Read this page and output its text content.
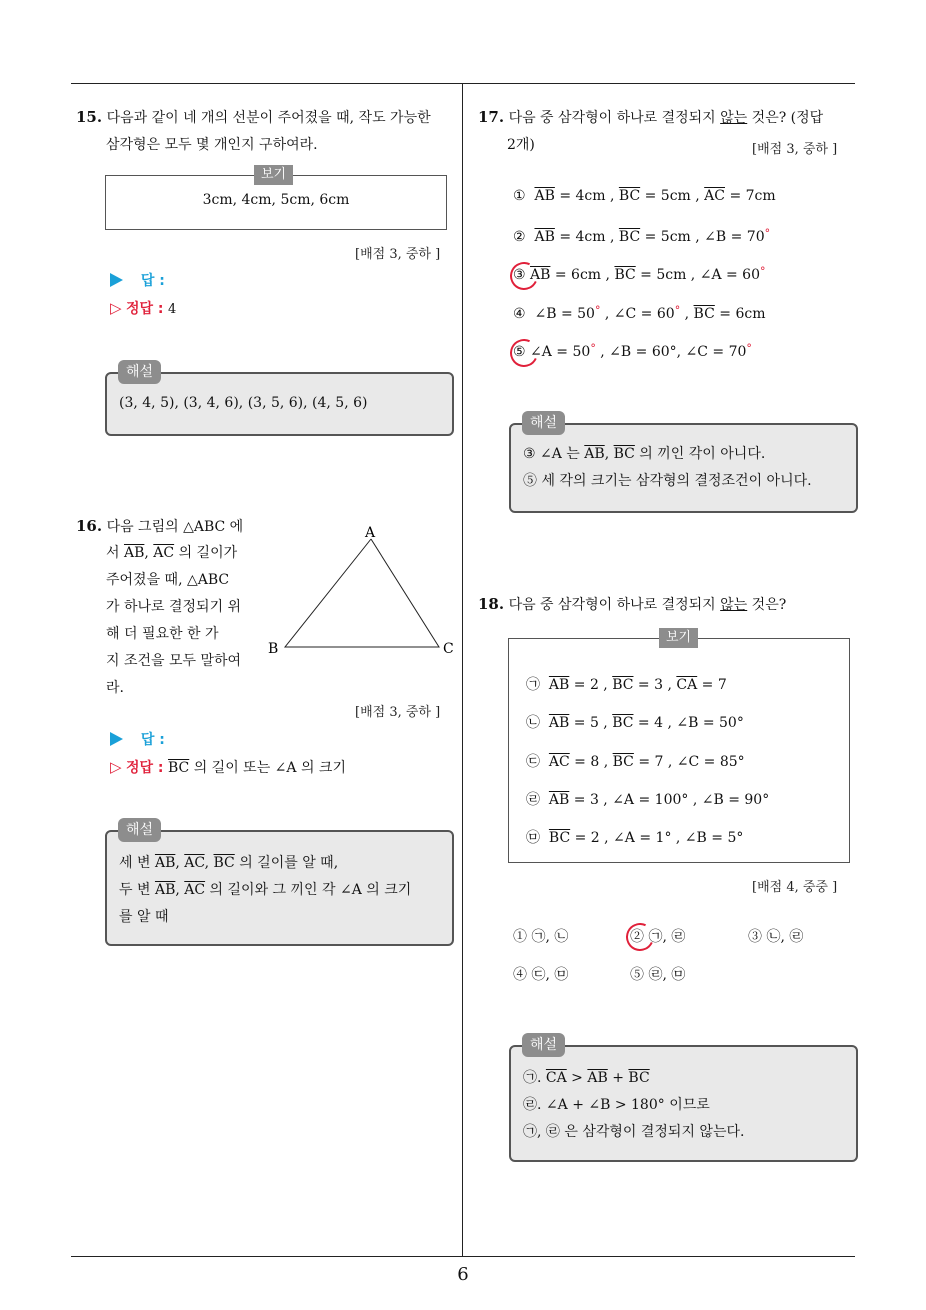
6
15. 다음과 같이 네 개의 선분이 주어졌을 때, 작도 가능한
삼각형은 모두 몇 개인지 구하여라.
3cm, 4cm, 5cm, 6cm
보기
[배점 3, 중하 ]
답 :
▷ 정답 : 4
(3, 4, 5), (3, 4, 6), (3, 5, 6), (4, 5, 6)
해설
16. 다음 그림의 △ABC 에
서 $\overline{AB}$, $\overline{AC}$ 의 길이가
주어졌을 때, △ABC
가 하나로 결정되기 위
해 더 필요한 한 가
지 조건을 모두 말하여
라.
A
B	C
[배점 3, 중하 ]
답 :
▷ 정답 : $\overline{BC}$ 의 길이 또는 ∠A 의 크기
세 변 $\overline{AB}$, $\overline{AC}$, $\overline{BC}$ 의 길이를 알 때,
두 변 $\overline{AB}$, $\overline{AC}$ 의 길이와 그 끼인 각 ∠A 의 크기
를 알 때
해설
17. 다음 중 삼각형이 하나로 결정되지 않는 것은? (정답
2개)	[배점 3, 중하 ]
① $\overline{AB} = 4cm$ , $\overline{BC} = 5cm$ , $\overline{AC} = 7cm$
② $\overline{AB} = 4cm$ , $\overline{BC} = 5cm$ , ∠B = 70°
③ $\overline{AB} = 6cm$ , $\overline{BC} = 5cm$ , ∠A = 60°
④ ∠B = 50° , ∠C = 60° , $\overline{BC} = 6cm$
⑤ ∠A = 50° , ∠B = 60°, ∠C = 70°
③ ∠A 는 $\overline{AB}$, $\overline{BC}$ 의 끼인 각이 아니다.
⑤ 세 각의 크기는 삼각형의 결정조건이 아니다.
해설
18. 다음 중 삼각형이 하나로 결정되지 않는 것은?
㉠ $\overline{AB} = 2$ , $\overline{BC} = 3$ , $\overline{CA} = 7$
㉡ $\overline{AB} = 5$ , $\overline{BC} = 4$ , ∠B = 50°
㉢ $\overline{AC} = 8$ , $\overline{BC} = 7$ , ∠C = 85°
㉣ $\overline{AB} = 3$ , ∠A = 100° , ∠B = 90°
㉤ $\overline{BC} = 2$ , ∠A = 1° , ∠B = 5°
보기
[배점 4, 중중 ]
① ㉠, ㉡	② ㉠, ㉣	③ ㉡, ㉣
④ ㉢, ㉤	⑤ ㉣, ㉤
㉠. $\overline{CA} > \overline{AB} + \overline{BC}$
㉣. ∠A + ∠B > 180° 이므로
㉠, ㉣ 은 삼각형이 결정되지 않는다.
해설
